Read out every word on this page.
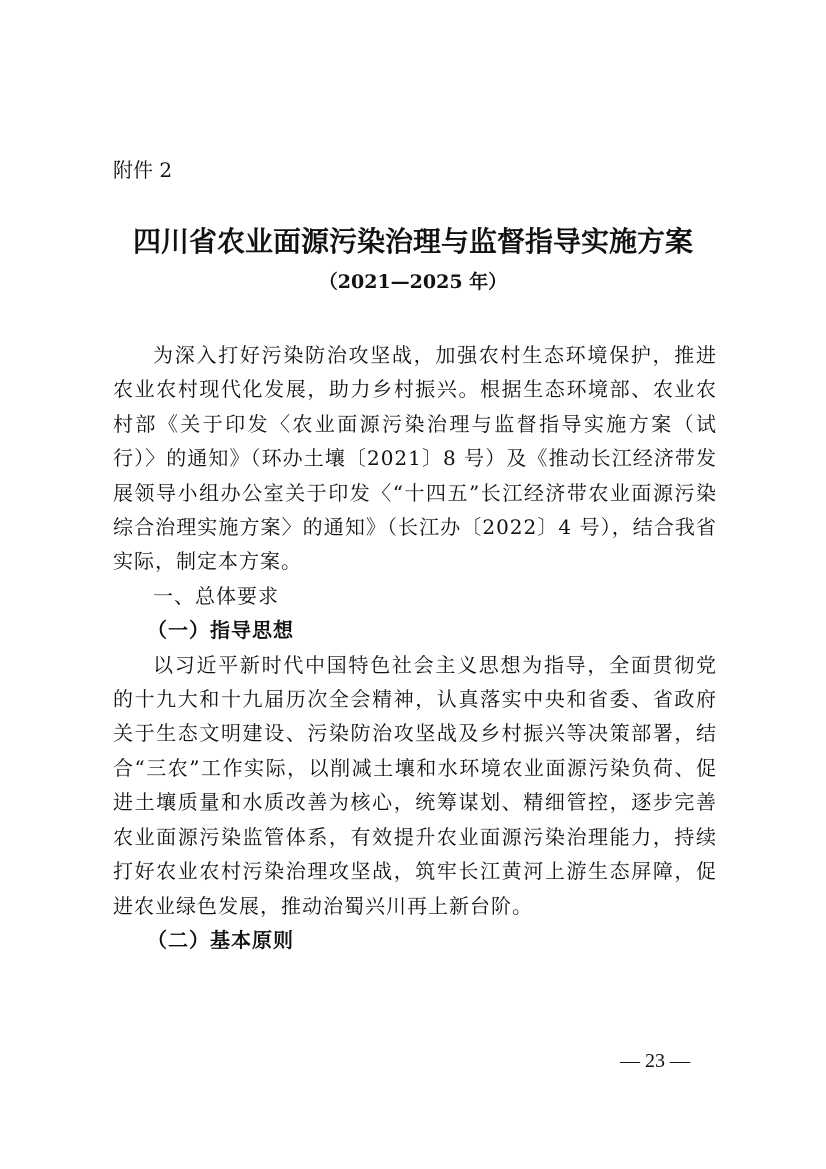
附件 2
四川省农业面源污染治理与监督指导实施方案
（2021—2025 年）

为深入打好污染防治攻坚战，加强农村生态环境保护，推进农业农村现代化发展，助力乡村振兴。根据生态环境部、农业农村部《关于印发〈农业面源污染治理与监督指导实施方案（试行）〉的通知》（环办土壤〔2021〕8 号）及《推动长江经济带发展领导小组办公室关于印发〈“十四五”长江经济带农业面源污染综合治理实施方案〉的通知》（长江办〔2022〕4 号），结合我省实际，制定本方案。

一、总体要求

（一）指导思想

以习近平新时代中国特色社会主义思想为指导，全面贯彻党的十九大和十九届历次全会精神，认真落实中央和省委、省政府关于生态文明建设、污染防治攻坚战及乡村振兴等决策部署，结合“三农”工作实际，以削减土壤和水环境农业面源污染负荷、促进土壤质量和水质改善为核心，统筹谋划、精细管控，逐步完善农业面源污染监管体系，有效提升农业面源污染治理能力，持续打好农业农村污染治理攻坚战，筑牢长江黄河上游生态屏障，促进农业绿色发展，推动治蜀兴川再上新台阶。

（二）基本原则

— 23 —
